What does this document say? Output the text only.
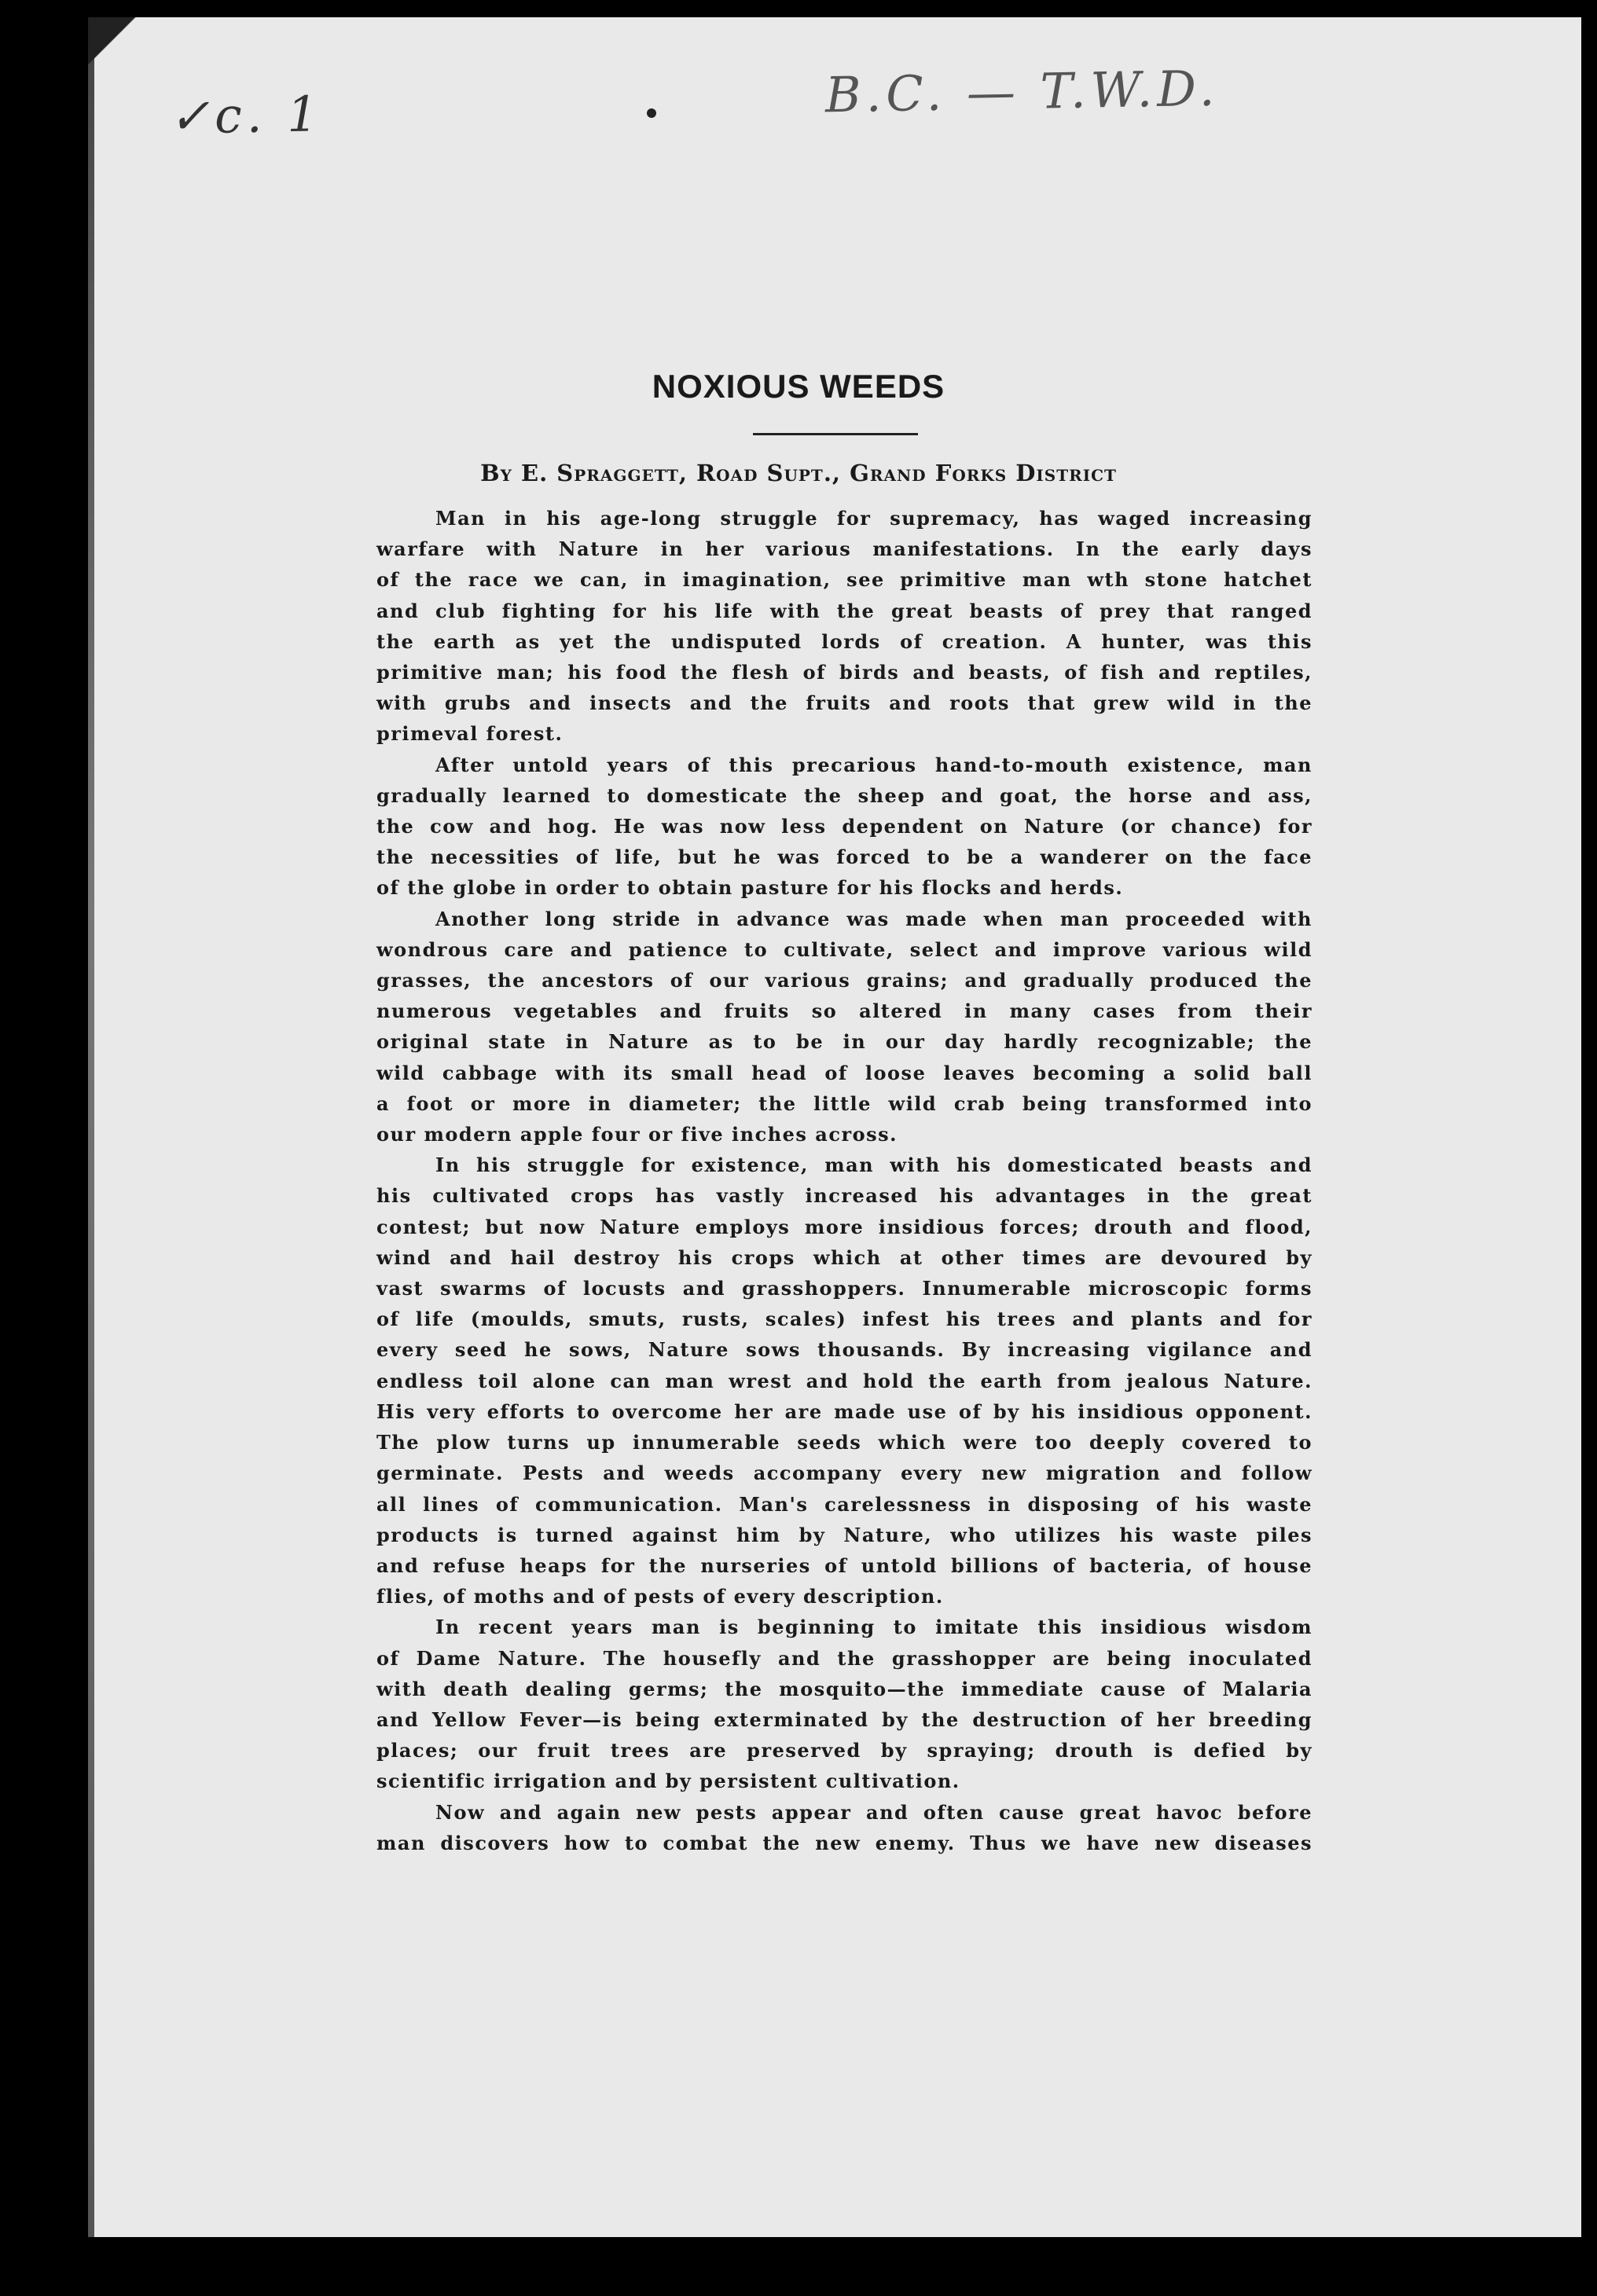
✓c. 1	B.C. — T.W.D.
NOXIOUS WEEDS
By E. Spraggett, Road Supt., Grand Forks District
Man in his age-long struggle for supremacy, has waged increasing
warfare with Nature in her various manifestations. In the early days
of the race we can, in imagination, see primitive man wth stone hatchet
and club fighting for his life with the great beasts of prey that ranged
the earth as yet the undisputed lords of creation. A hunter, was this
primitive man; his food the flesh of birds and beasts, of fish and reptiles,
with grubs and insects and the fruits and roots that grew wild in the
primeval forest.
After untold years of this precarious hand-to-mouth existence, man
gradually learned to domesticate the sheep and goat, the horse and ass,
the cow and hog. He was now less dependent on Nature (or chance) for
the necessities of life, but he was forced to be a wanderer on the face
of the globe in order to obtain pasture for his flocks and herds.
Another long stride in advance was made when man proceeded with
wondrous care and patience to cultivate, select and improve various wild
grasses, the ancestors of our various grains; and gradually produced the
numerous vegetables and fruits so altered in many cases from their
original state in Nature as to be in our day hardly recognizable; the
wild cabbage with its small head of loose leaves becoming a solid ball
a foot or more in diameter; the little wild crab being transformed into
our modern apple four or five inches across.
In his struggle for existence, man with his domesticated beasts and
his cultivated crops has vastly increased his advantages in the great
contest; but now Nature employs more insidious forces; drouth and flood,
wind and hail destroy his crops which at other times are devoured by
vast swarms of locusts and grasshoppers. Innumerable microscopic forms
of life (moulds, smuts, rusts, scales) infest his trees and plants and for
every seed he sows, Nature sows thousands. By increasing vigilance and
endless toil alone can man wrest and hold the earth from jealous Nature.
His very efforts to overcome her are made use of by his insidious opponent.
The plow turns up innumerable seeds which were too deeply covered to
germinate. Pests and weeds accompany every new migration and follow
all lines of communication. Man's carelessness in disposing of his waste
products is turned against him by Nature, who utilizes his waste piles
and refuse heaps for the nurseries of untold billions of bacteria, of house
flies, of moths and of pests of every description.
In recent years man is beginning to imitate this insidious wisdom
of Dame Nature. The housefly and the grasshopper are being inoculated
with death dealing germs; the mosquito—the immediate cause of Malaria
and Yellow Fever—is being exterminated by the destruction of her breeding
places; our fruit trees are preserved by spraying; drouth is defied by
scientific irrigation and by persistent cultivation.
Now and again new pests appear and often cause great havoc before
man discovers how to combat the new enemy. Thus we have new diseases
